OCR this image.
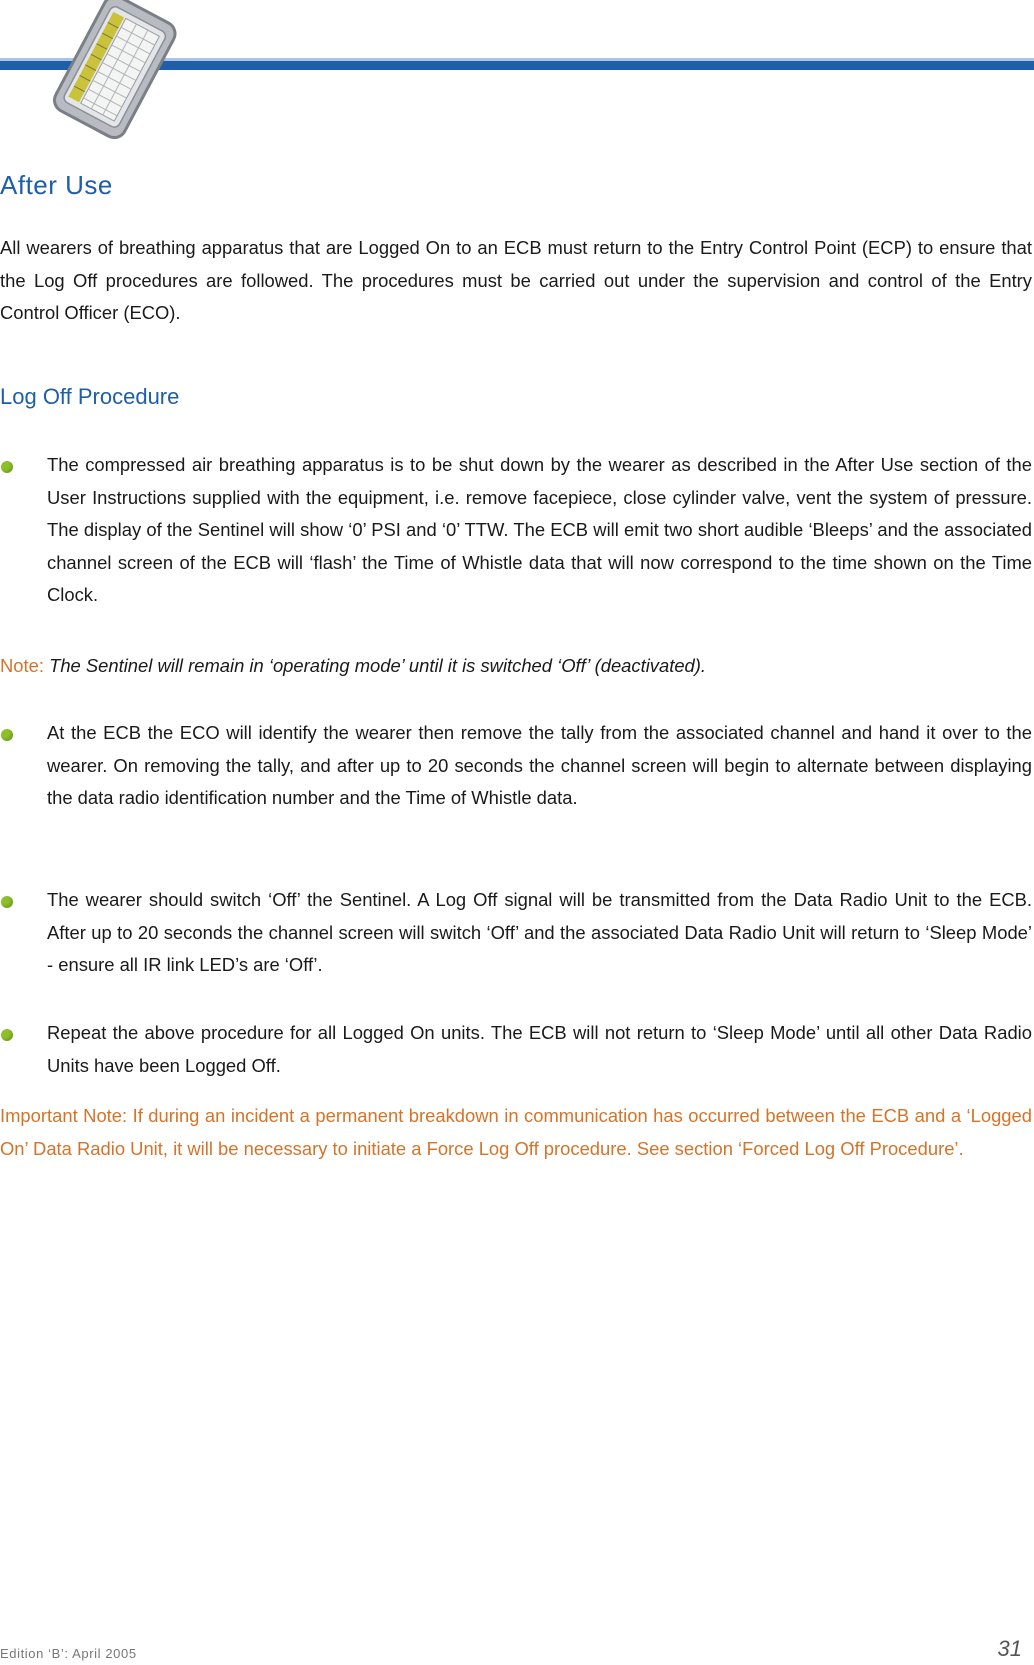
After Use

All wearers of breathing apparatus that are Logged On to an ECB must return to the Entry Control Point (ECP) to ensure that the Log Off procedures are followed. The procedures must be carried out under the supervision and control of the Entry Control Officer (ECO).

Log Off Procedure

The compressed air breathing apparatus is to be shut down by the wearer as described in the After Use section of the User Instructions supplied with the equipment, i.e. remove facepiece, close cylinder valve, vent the system of pressure. The display of the Sentinel will show ‘0’ PSI and ‘0’ TTW. The ECB will emit two short audible ‘Bleeps’ and the associated channel screen of the ECB will ‘flash’ the Time of Whistle data that will now correspond to the time shown on the Time Clock.

Note: The Sentinel will remain in ‘operating mode’ until it is switched ‘Off’ (deactivated).

At the ECB the ECO will identify the wearer then remove the tally from the associated channel and hand it over to the wearer. On removing the tally, and after up to 20 seconds the channel screen will begin to alternate between displaying the data radio identification number and the Time of Whistle data.

The wearer should switch ‘Off’ the Sentinel. A Log Off signal will be transmitted from the Data Radio Unit to the ECB. After up to 20 seconds the channel screen will switch ‘Off’ and the associated Data Radio Unit will return to ‘Sleep Mode’ - ensure all IR link LED’s are ‘Off’.

Repeat the above procedure for all Logged On units. The ECB will not return to ‘Sleep Mode’ until all other Data Radio Units have been Logged Off.

Important Note: If during an incident a permanent breakdown in communication has occurred between the ECB and a ‘Logged On’ Data Radio Unit, it will be necessary to initiate a Force Log Off procedure. See section ‘Forced Log Off Procedure’.

Edition ‘B’: April 2005	31
